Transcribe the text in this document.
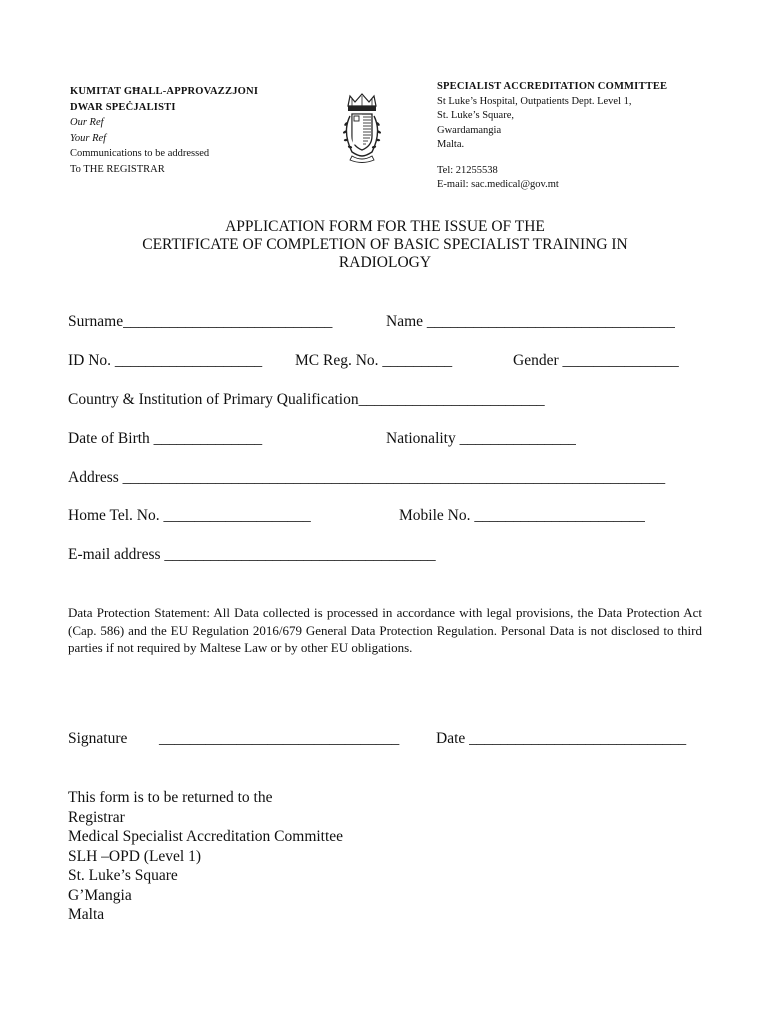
KUMITAT GĦALL-APPROVAZZJONI
DWAR SPEĊJALISTI
Our Ref
Your Ref
Communications to be addressed
To THE REGISTRAR
SPECIALIST ACCREDITATION COMMITTEE
St Luke’s Hospital, Outpatients Dept. Level 1,
St. Luke’s Square,
Gwardamangia
Malta.
Tel: 21255538
E-mail: sac.medical@gov.mt
APPLICATION FORM FOR THE ISSUE OF THE
CERTIFICATE OF COMPLETION OF BASIC SPECIALIST TRAINING IN
RADIOLOGY
Surname___________________________	Name ________________________________
ID No. ___________________ MC Reg. No. _________	Gender _______________
Country & Institution of Primary Qualification________________________
Date of Birth ______________	Nationality _______________
Address ______________________________________________________________________
Home Tel. No. ___________________	Mobile No. ______________________
E-mail address ___________________________________
Data Protection Statement: All Data collected is processed in accordance with legal provisions, the Data Protection Act (Cap. 586) and the EU Regulation 2016/679 General Data Protection Regulation. Personal Data is not disclosed to third parties if not required by Maltese Law or by other EU obligations.
Signature _______________________________ Date ____________________________
This form is to be returned to the
Registrar
Medical Specialist Accreditation Committee
SLH –OPD (Level 1)
St. Luke’s Square
G’Mangia
Malta
